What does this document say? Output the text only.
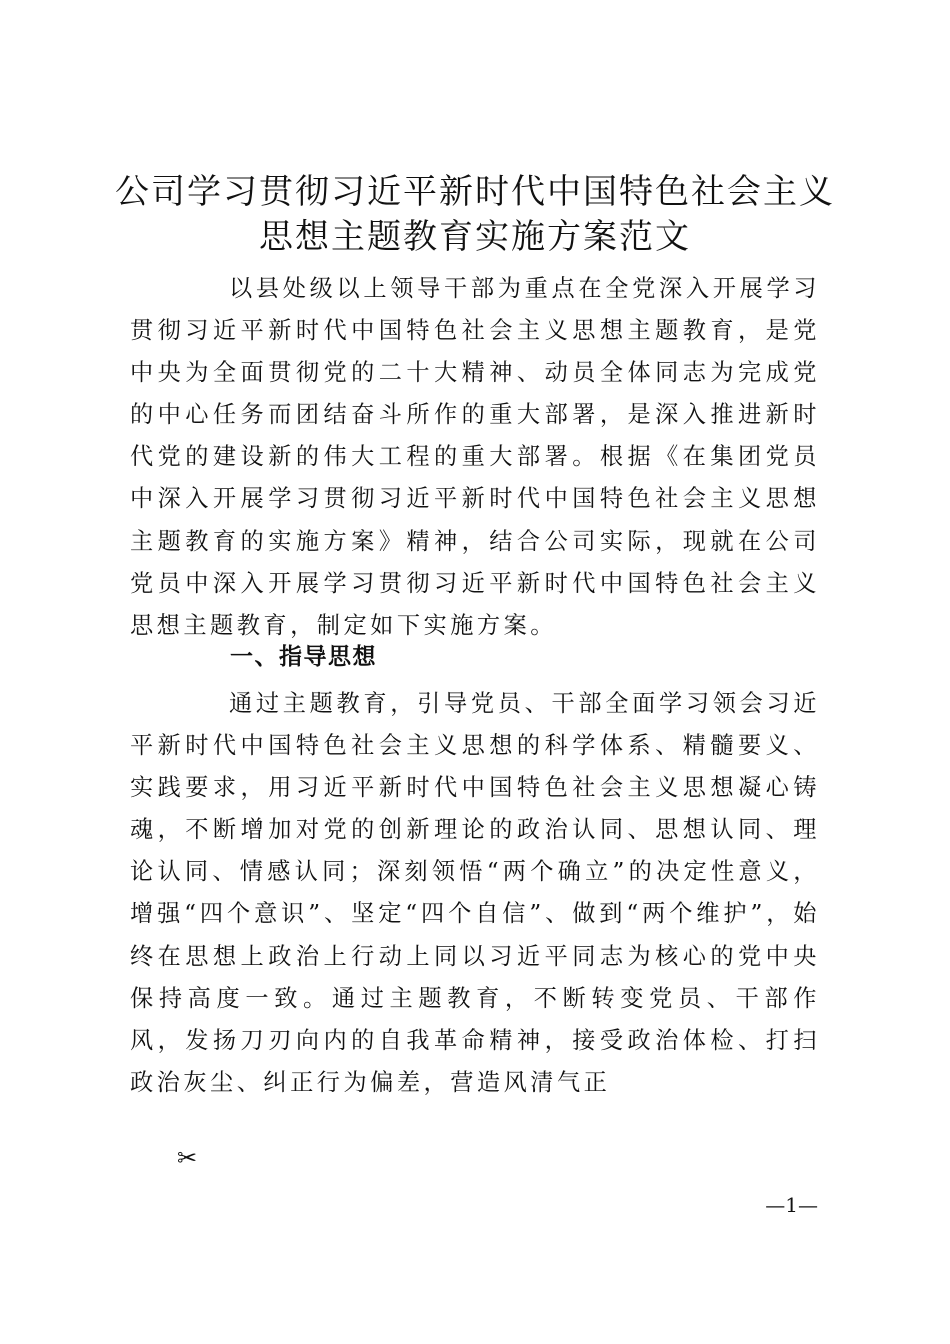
公司学习贯彻习近平新时代中国特色社会主义
思想主题教育实施方案范文

以县处级以上领导干部为重点在全党深入开展学习贯彻习近平新时代中国特色社会主义思想主题教育，是党中央为全面贯彻党的二十大精神、动员全体同志为完成党的中心任务而团结奋斗所作的重大部署，是深入推进新时代党的建设新的伟大工程的重大部署。根据《在集团党员中深入开展学习贯彻习近平新时代中国特色社会主义思想主题教育的实施方案》精神，结合公司实际，现就在公司党员中深入开展学习贯彻习近平新时代中国特色社会主义思想主题教育，制定如下实施方案。

一、指导思想

通过主题教育，引导党员、干部全面学习领会习近平新时代中国特色社会主义思想的科学体系、精髓要义、实践要求，用习近平新时代中国特色社会主义思想凝心铸魂，不断增加对党的创新理论的政治认同、思想认同、理论认同、情感认同；深刻领悟“两个确立”的决定性意义，增强“四个意识”、坚定“四个自信”、做到“两个维护”，始终在思想上政治上行动上同以习近平同志为核心的党中央保持高度一致。通过主题教育，不断转变党员、干部作风，发扬刀刃向内的自我革命精神，接受政治体检、打扫政治灰尘、纠正行为偏差，营造风清气正

✂
—1—
